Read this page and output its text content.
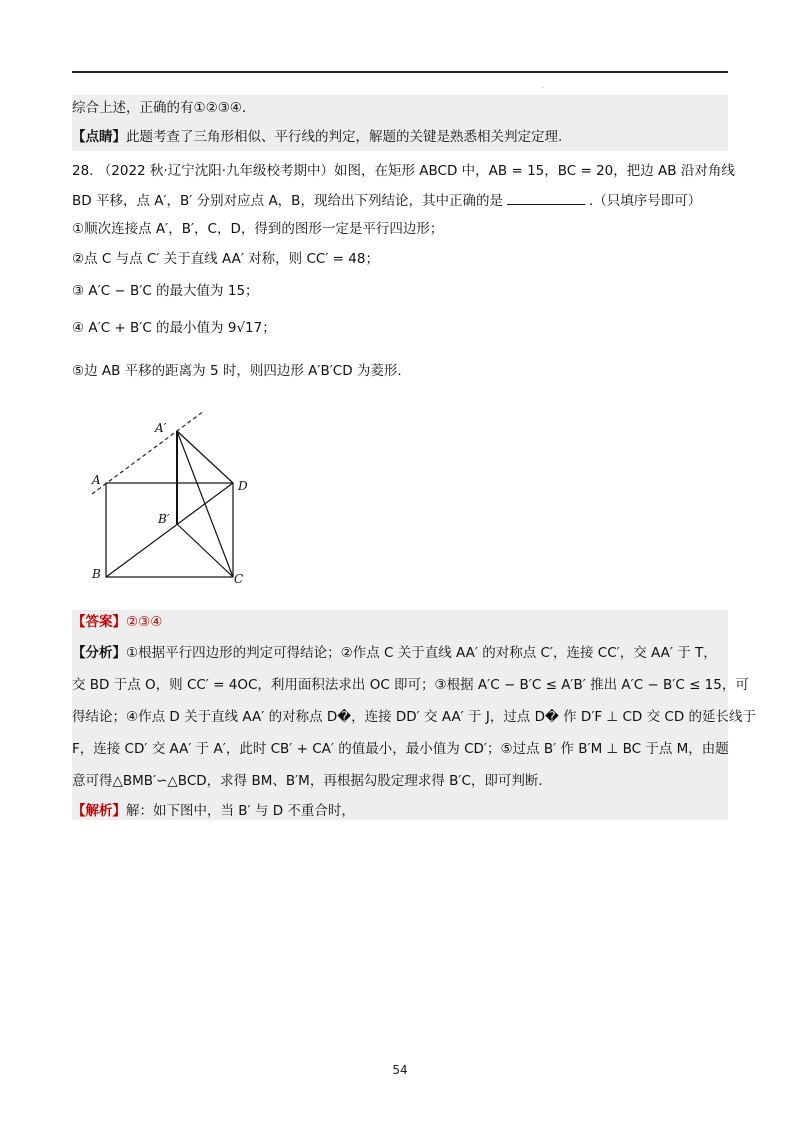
.
综合上述，正确的有①②③④.
【点睛】此题考查了三角形相似、平行线的判定，解题的关键是熟悉相关判定定理.
28. （2022 秋·辽宁沈阳·九年级校考期中）如图，在矩形 ABCD 中，AB = 15，BC = 20，把边 AB 沿对角线
BD 平移，点 A′，B′ 分别对应点 A，B，现给出下列结论，其中正确的是	.（只填序号即可）
①顺次连接点 A′，B′，C，D，得到的图形一定是平行四边形；
②点 C 与点 C′ 关于直线 AA′ 对称，则 CC′ = 48；
③ A′C − B′C 的最大值为 15；
④ A′C + B′C 的最小值为 9√17；
⑤边 AB 平移的距离为 5 时，则四边形 A′B′CD 为菱形.
A′
A	D
B′
B	C
【答案】②③④
【分析】①根据平行四边形的判定可得结论；②作点 C 关于直线 AA′ 的对称点 C′，连接 CC′，交 AA′ 于 T，
交 BD 于点 O，则 CC′ = 4OC，利用面积法求出 OC 即可；③根据 A′C − B′C ≤ A′B′ 推出 A′C − B′C ≤ 15，可
得结论；④作点 D 关于直线 AA′ 的对称点 D�，连接 DD′ 交 AA′ 于 J，过点 D� 作 D′F ⊥ CD 交 CD 的延长线于
F，连接 CD′ 交 AA′ 于 A′，此时 CB′ + CA′ 的值最小，最小值为 CD′；⑤过点 B′ 作 B′M ⊥ BC 于点 M，由题
意可得△BMB′∽△BCD，求得 BM、B′M，再根据勾股定理求得 B′C，即可判断.
【解析】解：如下图中，当 B′ 与 D 不重合时，
54
